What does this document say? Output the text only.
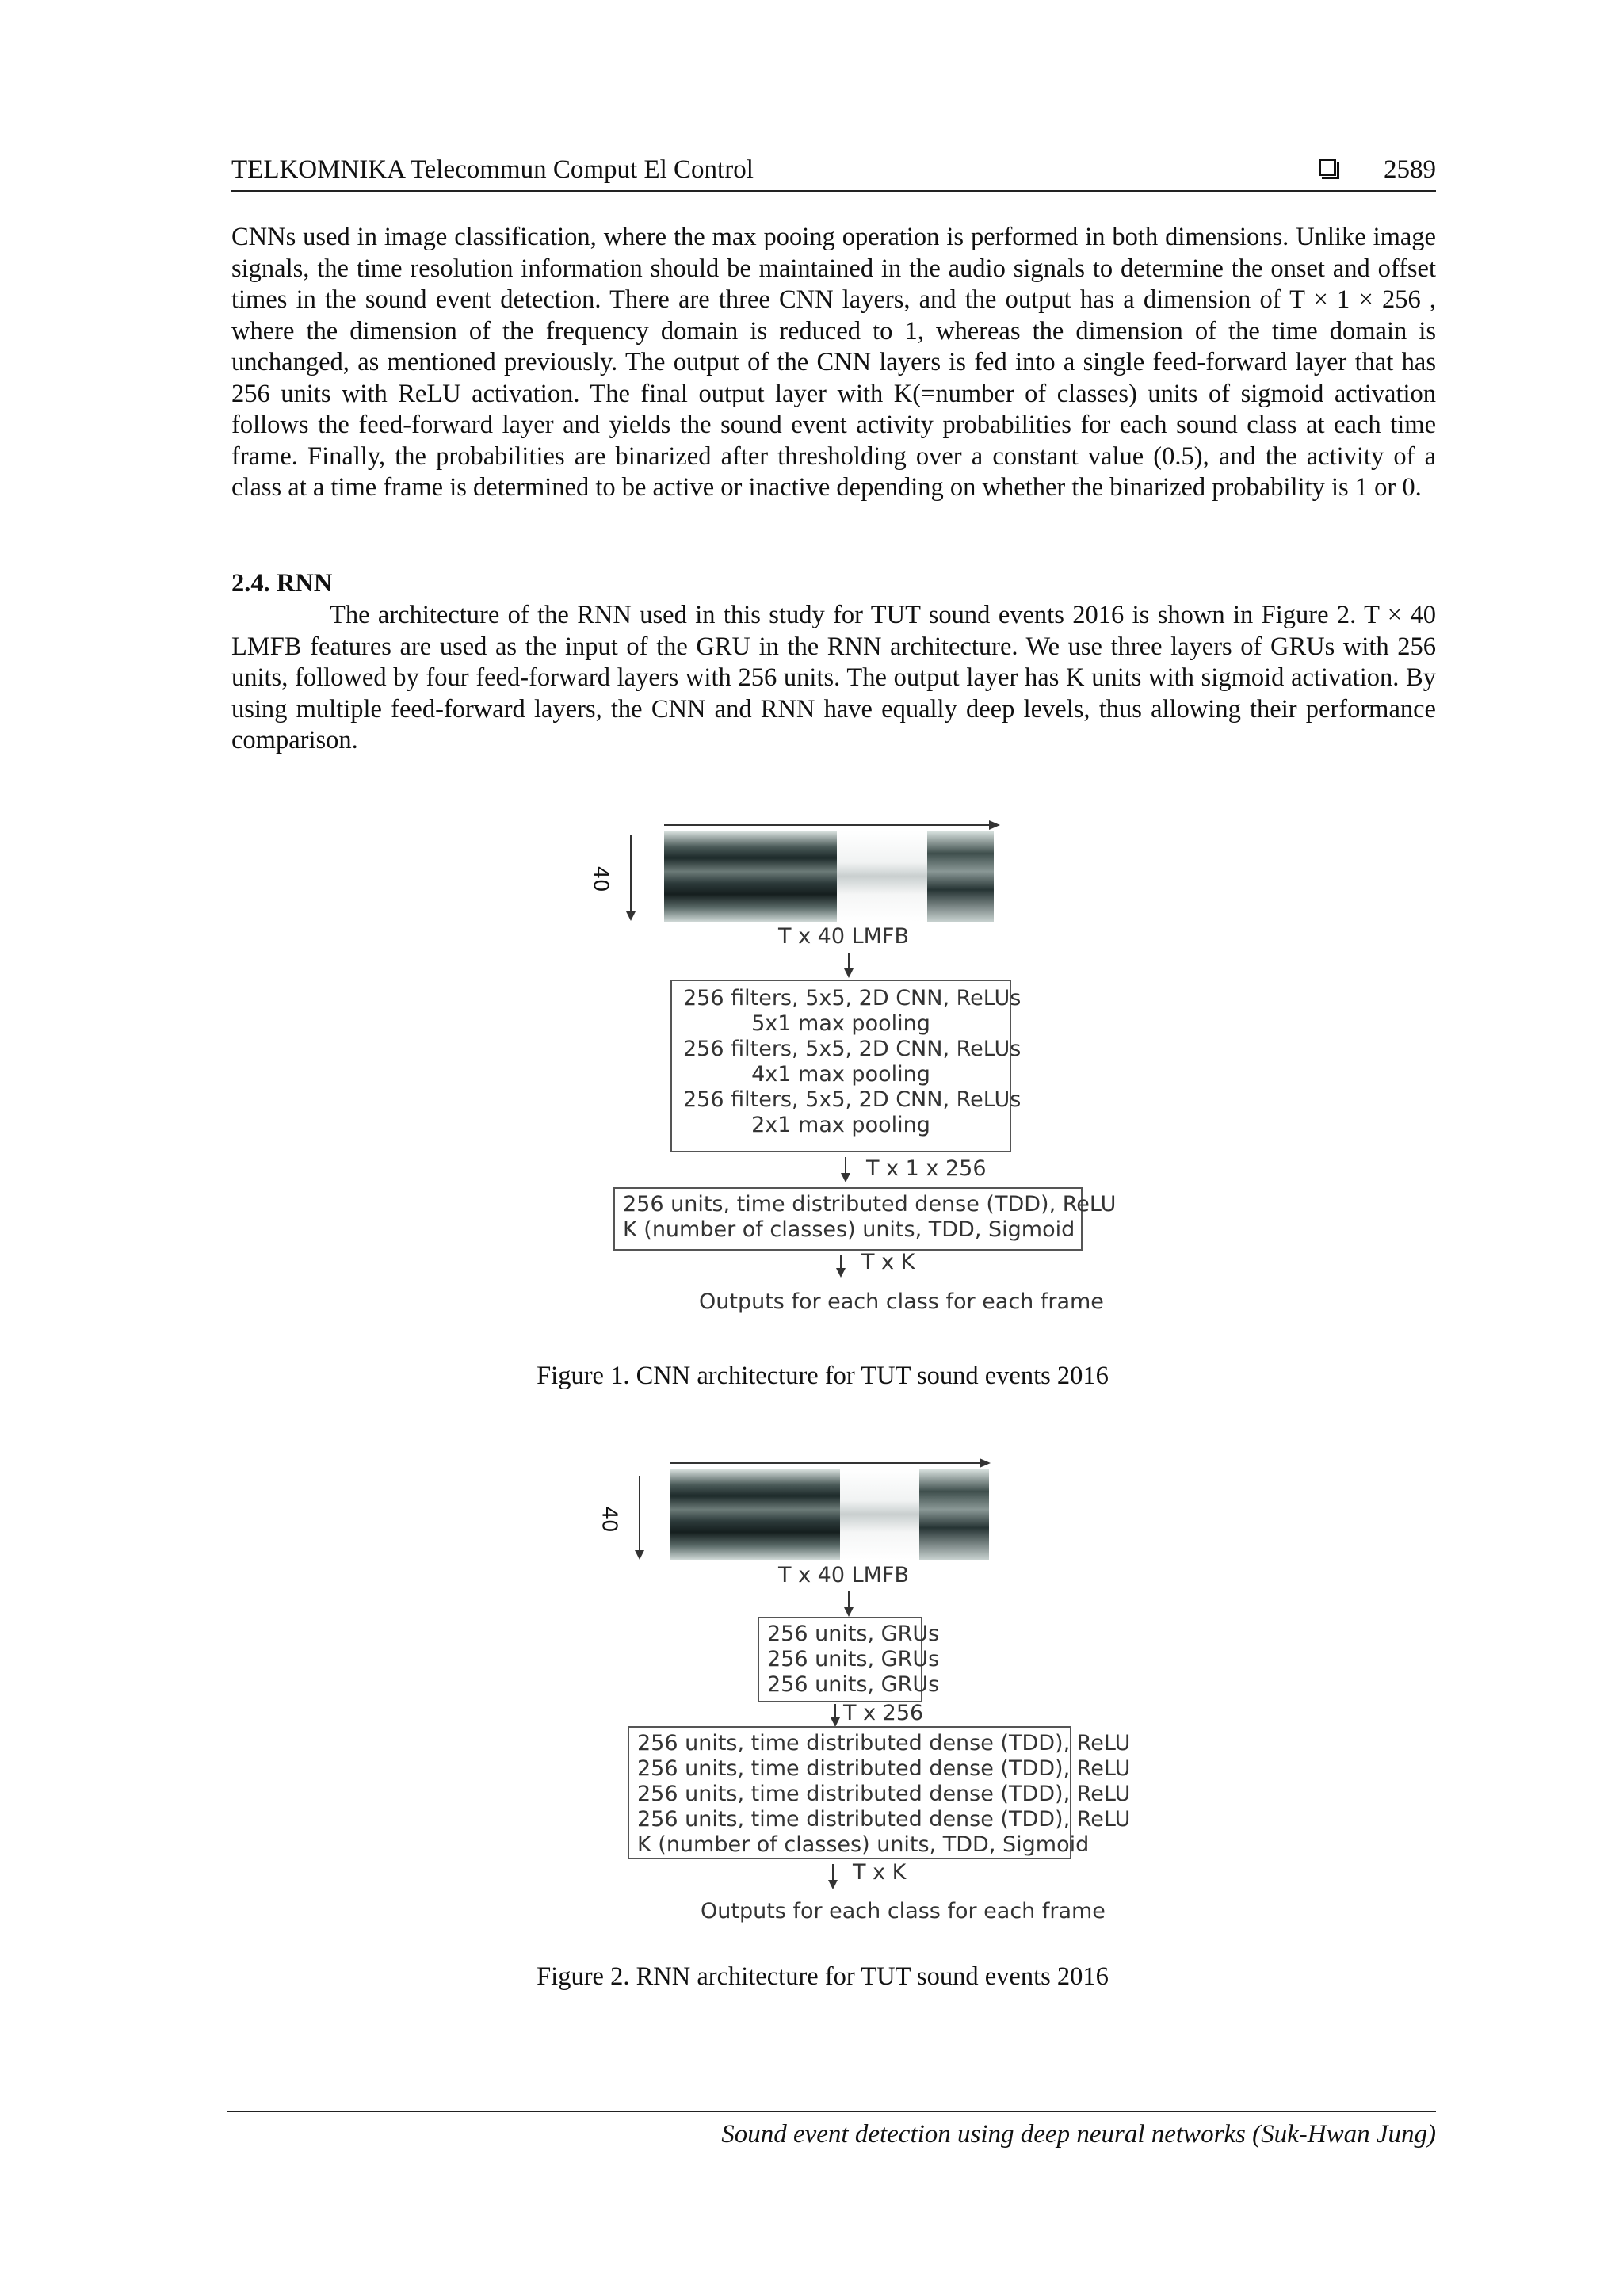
TELKOMNIKA Telecommun Comput El Control	2589
CNNs used in image classification, where the max pooing operation is performed in both dimensions. Unlike image signals, the time resolution information should be maintained in the audio signals to determine the onset and offset times in the sound event detection. There are three CNN layers, and the output has a dimension of T × 1 × 256 , where the dimension of the frequency domain is reduced to 1, whereas the dimension of the time domain is unchanged, as mentioned previously. The output of the CNN layers is fed into a single feed-forward layer that has 256 units with ReLU activation. The final output layer with K(=number of classes) units of sigmoid activation follows the feed-forward layer and yields the sound event activity probabilities for each sound class at each time frame. Finally, the probabilities are binarized after thresholding over a constant value (0.5), and the activity of a class at a time frame is determined to be active or inactive depending on whether the binarized probability is 1 or 0.
2.4. RNN
The architecture of the RNN used in this study for TUT sound events 2016 is shown in Figure 2. T × 40 LMFB features are used as the input of the GRU in the RNN architecture. We use three layers of GRUs with 256 units, followed by four feed-forward layers with 256 units. The output layer has K units with sigmoid activation. By using multiple feed-forward layers, the CNN and RNN have equally deep levels, thus allowing their performance comparison.
40
T x 40 LMFB
256 filters, 5x5, 2D CNN, ReLUs
5x1 max pooling
256 filters, 5x5, 2D CNN, ReLUs
4x1 max pooling
256 filters, 5x5, 2D CNN, ReLUs
2x1 max pooling
T x 1 x 256
256 units, time distributed dense (TDD), ReLU
K (number of classes) units, TDD, Sigmoid
T x K
Outputs for each class for each frame
Figure 1. CNN architecture for TUT sound events 2016
40
T x 40 LMFB
256 units, GRUs
256 units, GRUs
256 units, GRUs
T x 256
256 units, time distributed dense (TDD), ReLU
256 units, time distributed dense (TDD), ReLU
256 units, time distributed dense (TDD), ReLU
256 units, time distributed dense (TDD), ReLU
K (number of classes) units, TDD, Sigmoid
T x K
Outputs for each class for each frame
Figure 2. RNN architecture for TUT sound events 2016
Sound event detection using deep neural networks (Suk-Hwan Jung)
